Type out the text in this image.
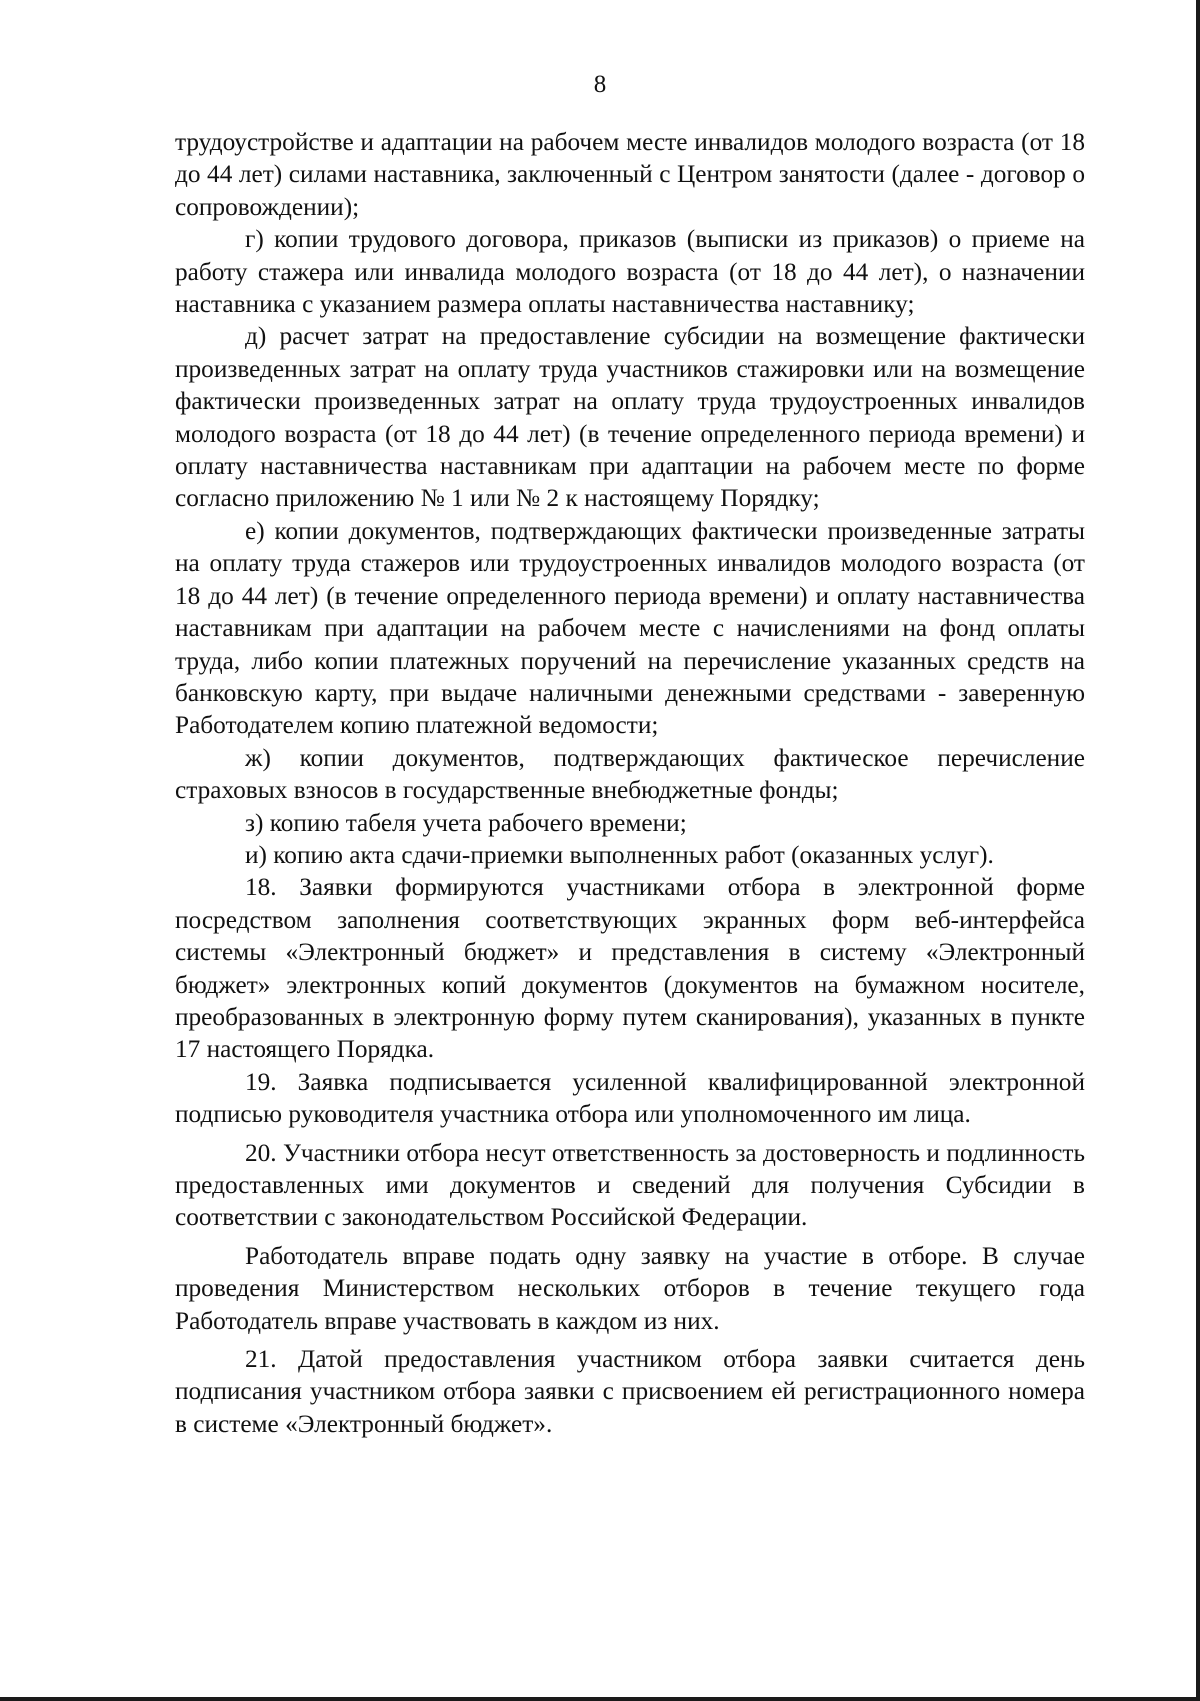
8

трудоустройстве и адаптации на рабочем месте инвалидов молодого возраста (от 18 до 44 лет) силами наставника, заключенный с Центром занятости (далее - договор о сопровождении);

г) копии трудового договора, приказов (выписки из приказов) о приеме на работу стажера или инвалида молодого возраста (от 18 до 44 лет), о назначении наставника с указанием размера оплаты наставничества наставнику;

д) расчет затрат на предоставление субсидии на возмещение фактически произведенных затрат на оплату труда участников стажировки или на возмещение фактически произведенных затрат на оплату труда трудоустроенных инвалидов молодого возраста (от 18 до 44 лет) (в течение определенного периода времени) и оплату наставничества наставникам при адаптации на рабочем месте по форме согласно приложению № 1 или № 2 к настоящему Порядку;

е) копии документов, подтверждающих фактически произведенные затраты на оплату труда стажеров или трудоустроенных инвалидов молодого возраста (от 18 до 44 лет) (в течение определенного периода времени) и оплату наставничества наставникам при адаптации на рабочем месте с начислениями на фонд оплаты труда, либо копии платежных поручений на перечисление указанных средств на банковскую карту, при выдаче наличными денежными средствами - заверенную Работодателем копию платежной ведомости;

ж) копии документов, подтверждающих фактическое перечисление страховых взносов в государственные внебюджетные фонды;

з) копию табеля учета рабочего времени;

и) копию акта сдачи-приемки выполненных работ (оказанных услуг).

18. Заявки формируются участниками отбора в электронной форме посредством заполнения соответствующих экранных форм веб-интерфейса системы «Электронный бюджет» и представления в систему «Электронный бюджет» электронных копий документов (документов на бумажном носителе, преобразованных в электронную форму путем сканирования), указанных в пункте 17 настоящего Порядка.

19. Заявка подписывается усиленной квалифицированной электронной подписью руководителя участника отбора или уполномоченного им лица.

20. Участники отбора несут ответственность за достоверность и подлинность предоставленных ими документов и сведений для получения Субсидии в соответствии с законодательством Российской Федерации.

Работодатель вправе подать одну заявку на участие в отборе. В случае проведения Министерством нескольких отборов в течение текущего года Работодатель вправе участвовать в каждом из них.

21. Датой предоставления участником отбора заявки считается день подписания участником отбора заявки с присвоением ей регистрационного номера в системе «Электронный бюджет».
